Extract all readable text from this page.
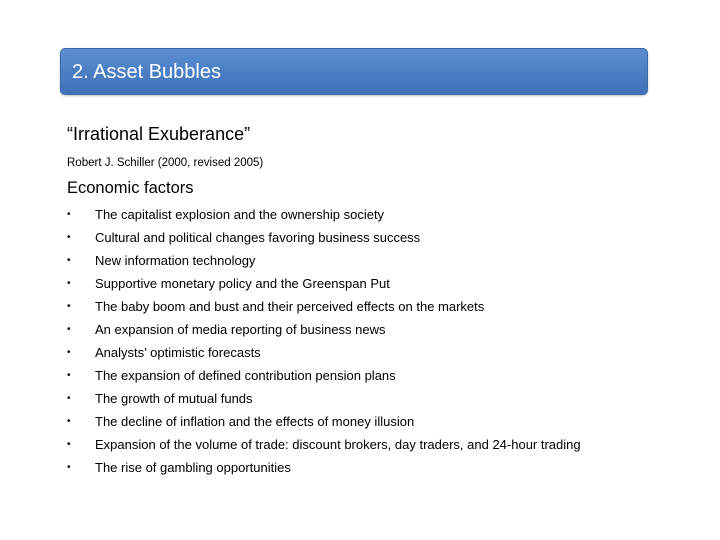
2. Asset Bubbles
“Irrational Exuberance”
Robert J. Schiller (2000, revised 2005)
Economic factors
•	The capitalist explosion and the ownership society
•	Cultural and political changes favoring business success
•	New information technology
•	Supportive monetary policy and the Greenspan Put
•	The baby boom and bust and their perceived effects on the markets
•	An expansion of media reporting of business news
•	Analysts’ optimistic forecasts
•	The expansion of defined contribution pension plans
•	The growth of mutual funds
•	The decline of inflation and the effects of money illusion
•	Expansion of the volume of trade: discount brokers, day traders, and 24-hour trading
•	The rise of gambling opportunities
